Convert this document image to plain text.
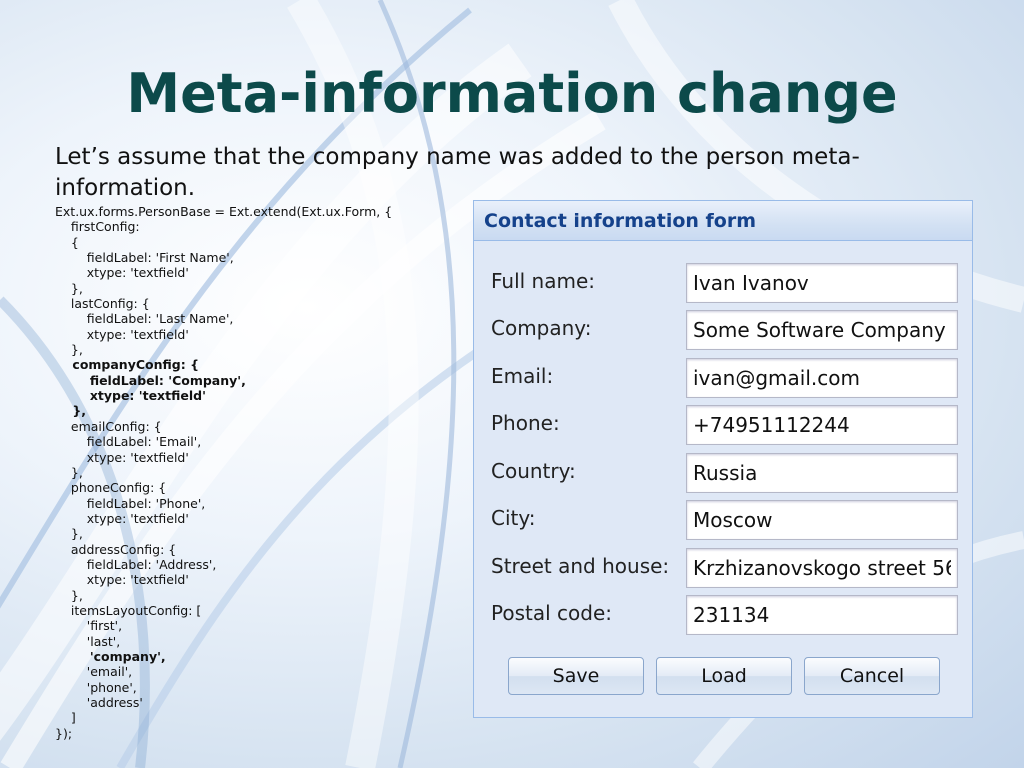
Meta-information change
Let’s assume that the company name was added to the person meta-information.
Ext.ux.forms.PersonBase = Ext.extend(Ext.ux.Form, {
firstConfig:
{
fieldLabel: 'First Name',
xtype: 'textfield'
},
lastConfig: {
fieldLabel: 'Last Name',
xtype: 'textfield'
},
companyConfig: {
fieldLabel: 'Company',
xtype: 'textfield'
},
emailConfig: {
fieldLabel: 'Email',
xtype: 'textfield'
},
phoneConfig: {
fieldLabel: 'Phone',
xtype: 'textfield'
},
addressConfig: {
fieldLabel: 'Address',
xtype: 'textfield'
},
itemsLayoutConfig: [
'first',
'last',
'company',
'email',
'phone',
'address'
]
});
Contact information form
Full name:
Ivan Ivanov
Company:
Some Software Company
Email:
ivan@gmail.com
Phone:
+74951112244
Country:
Russia
City:
Moscow
Street and house:
Krzhizanovskogo street 56
Postal code:
231134
Save	Load	Cancel
